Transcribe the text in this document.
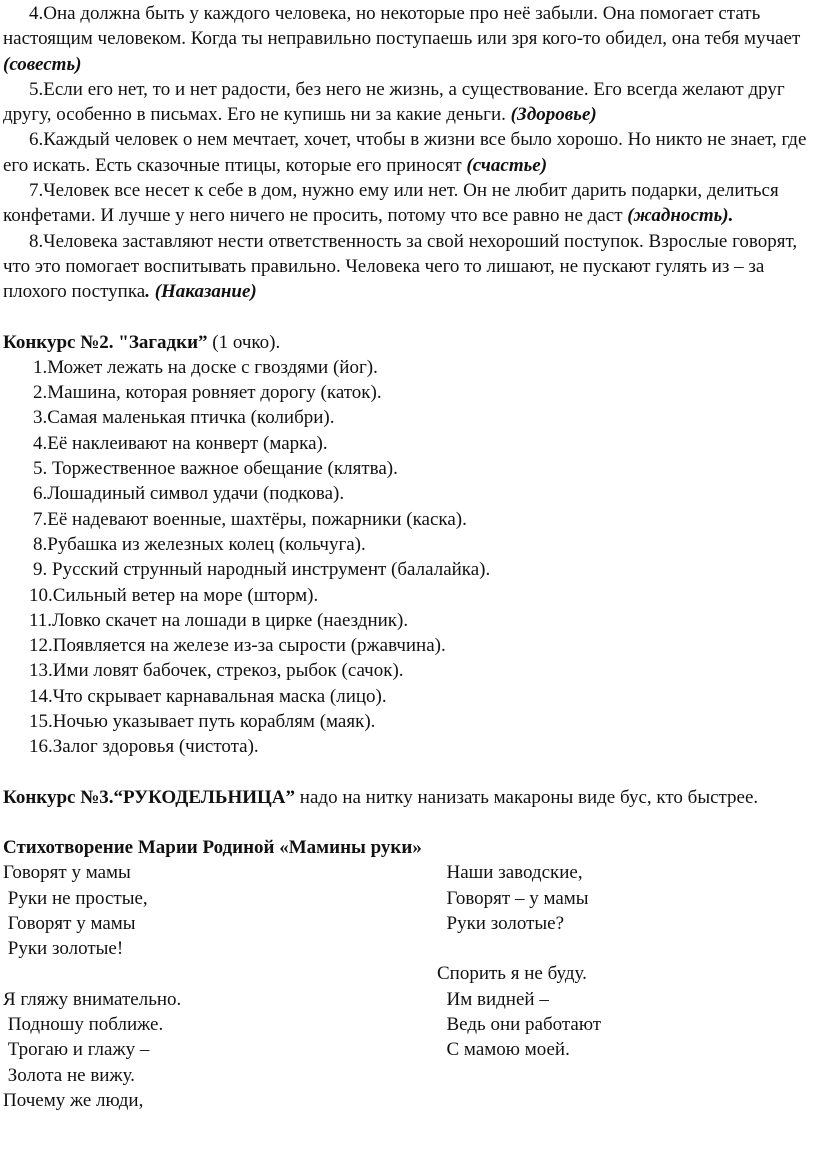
4.Она должна быть у каждого человека, но некоторые про неё забыли. Она помогает стать настоящим человеком. Когда ты неправильно поступаешь или зря кого-то обидел, она тебя мучает (совесть)

5.Если его нет, то и нет радости, без него не жизнь, а существование. Его всегда желают друг другу, особенно в письмах. Его не купишь ни за какие деньги. (Здоровье)

6.Каждый человек о нем мечтает, хочет, чтобы в жизни все было хорошо. Но никто не знает, где его искать. Есть сказочные птицы, которые его приносят (счастье)

7.Человек все несет к себе в дом, нужно ему или нет. Он не любит дарить подарки, делиться конфетами. И лучше у него ничего не просить, потому что все равно не даст (жадность).

8.Человека заставляют нести ответственность за свой нехороший поступок. Взрослые говорят, что это помогает воспитывать правильно. Человека чего то лишают, не пускают гулять из – за плохого поступка. (Наказание)

Конкурс №2. "Загадки” (1 очко).

1.Может лежать на доске с гвоздями (йог).
2.Машина, которая ровняет дорогу (каток).
3.Самая маленькая птичка (колибри).
4.Её наклеивают на конверт (марка).
5. Торжественное важное обещание (клятва).
6.Лошадиный символ удачи (подкова).
7.Её надевают военные, шахтёры, пожарники (каска).
8.Рубашка из железных колец (кольчуга).
9. Русский струнный народный инструмент (балалайка).
10.Сильный ветер на море (шторм).
11.Ловко скачет на лошади в цирке (наездник).
12.Появляется на железе из-за сырости (ржавчина).
13.Ими ловят бабочек, стрекоз, рыбок (сачок).
14.Что скрывает карнавальная маска (лицо).
15.Ночью указывает путь кораблям (маяк).
16.Залог здоровья (чистота).

Конкурс №3.“РУКОДЕЛЬНИЦА” надо на нитку нанизать макароны виде бус, кто быстрее.

Стихотворение Марии Родиной «Мамины руки»

Говорят у мамы

Руки не простые,

Говорят у мамы

Руки золотые!

Я гляжу внимательно.

Подношу поближе.

Трогаю и глажу –

Золота не вижу.

Почему же люди,

Наши заводские,

Говорят – у мамы

Руки золотые?

Спорить я не буду.

Им видней –

Ведь они работают

С мамою моей.
